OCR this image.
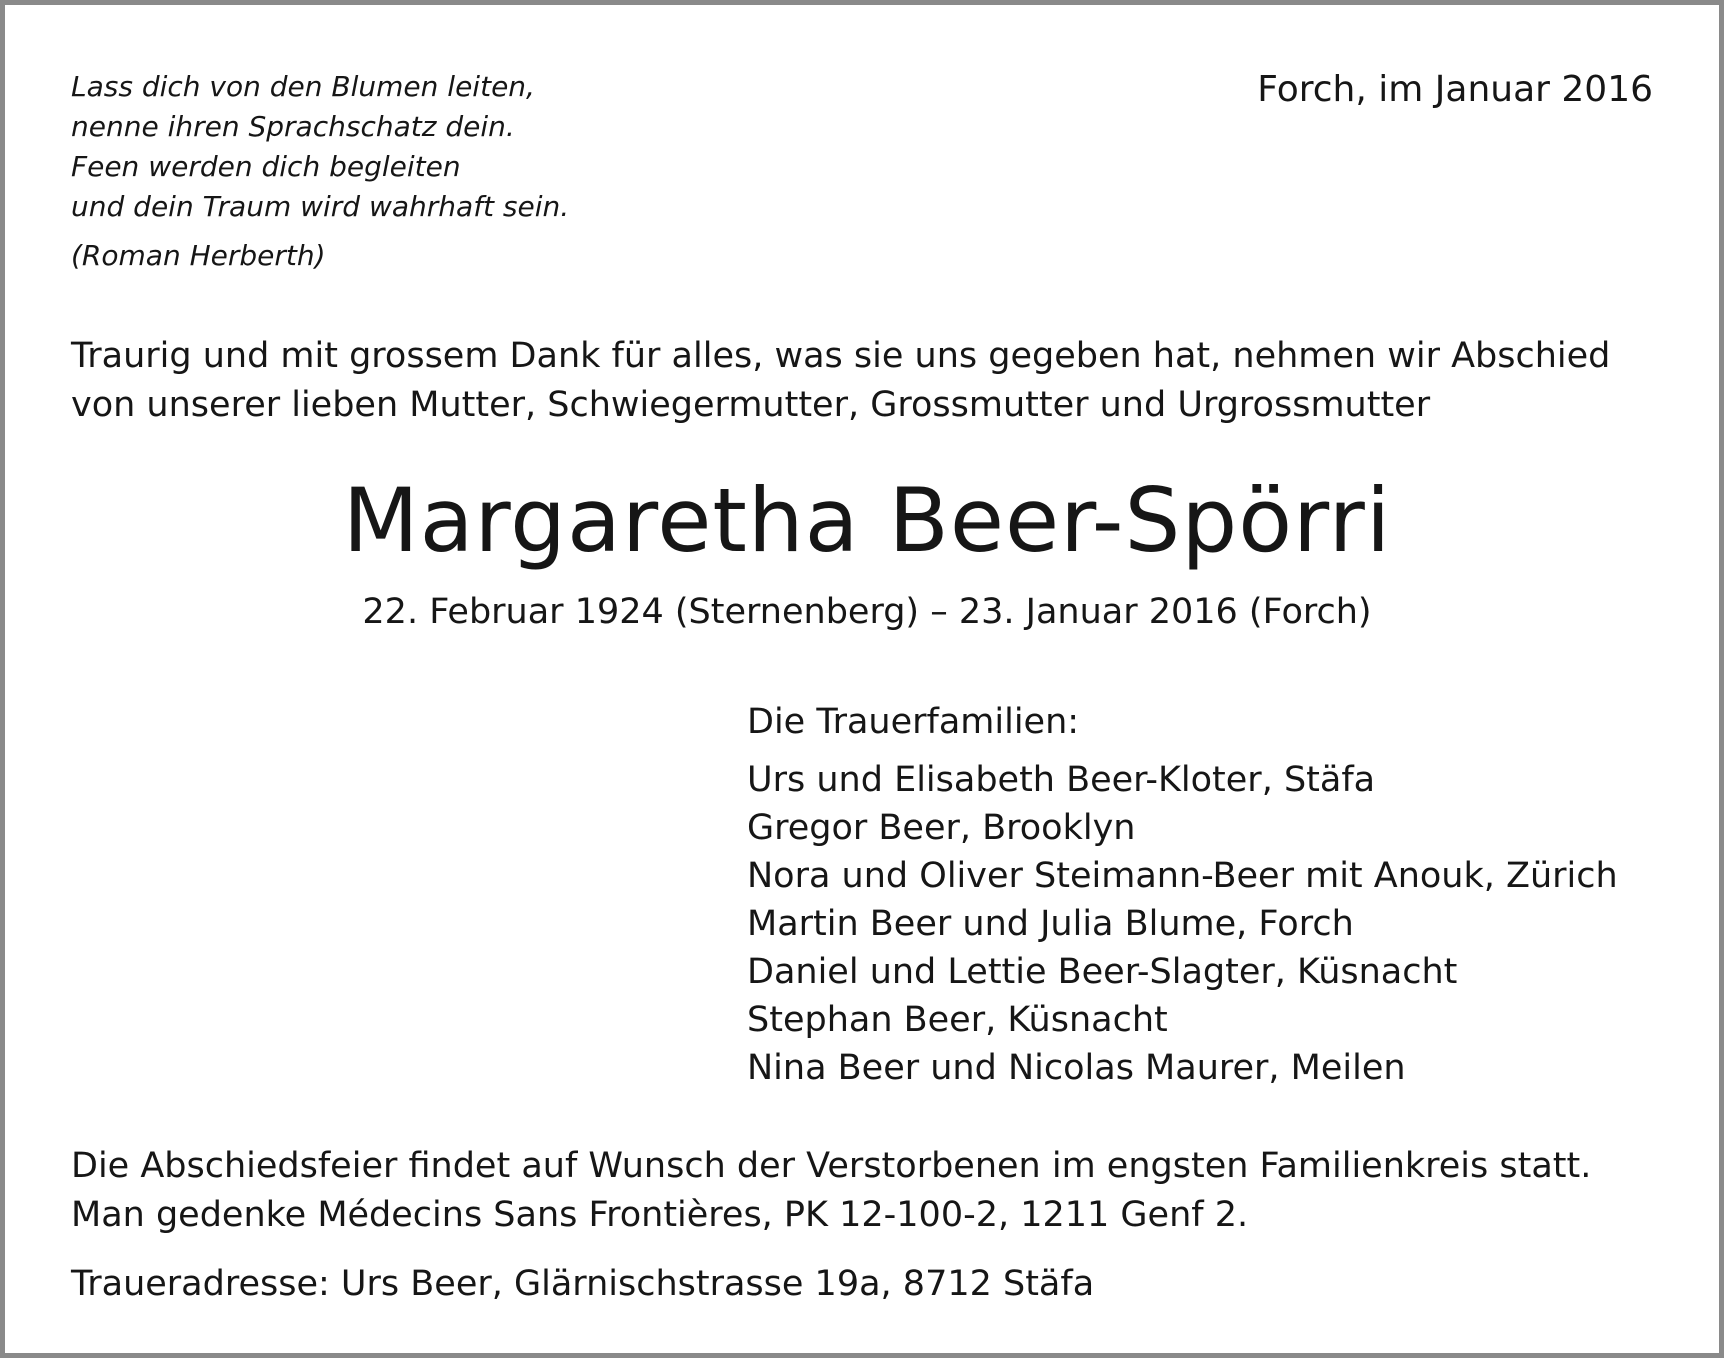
Lass dich von den Blumen leiten,
nenne ihren Sprachschatz dein.
Feen werden dich begleiten
und dein Traum wird wahrhaft sein.
(Roman Herberth)
Forch, im Januar 2016
Traurig und mit grossem Dank für alles, was sie uns gegeben hat, nehmen wir Abschied
von unserer lieben Mutter, Schwiegermutter, Grossmutter und Urgrossmutter
Margaretha Beer-Spörri
22. Februar 1924 (Sternenberg) – 23. Januar 2016 (Forch)
Die Trauerfamilien:
Urs und Elisabeth Beer-Kloter, Stäfa
Gregor Beer, Brooklyn
Nora und Oliver Steimann-Beer mit Anouk, Zürich
Martin Beer und Julia Blume, Forch
Daniel und Lettie Beer-Slagter, Küsnacht
Stephan Beer, Küsnacht
Nina Beer und Nicolas Maurer, Meilen
Die Abschiedsfeier findet auf Wunsch der Verstorbenen im engsten Familienkreis statt.
Man gedenke Médecins Sans Frontières, PK 12-100-2, 1211 Genf 2.
Traueradresse: Urs Beer, Glärnischstrasse 19a, 8712 Stäfa
